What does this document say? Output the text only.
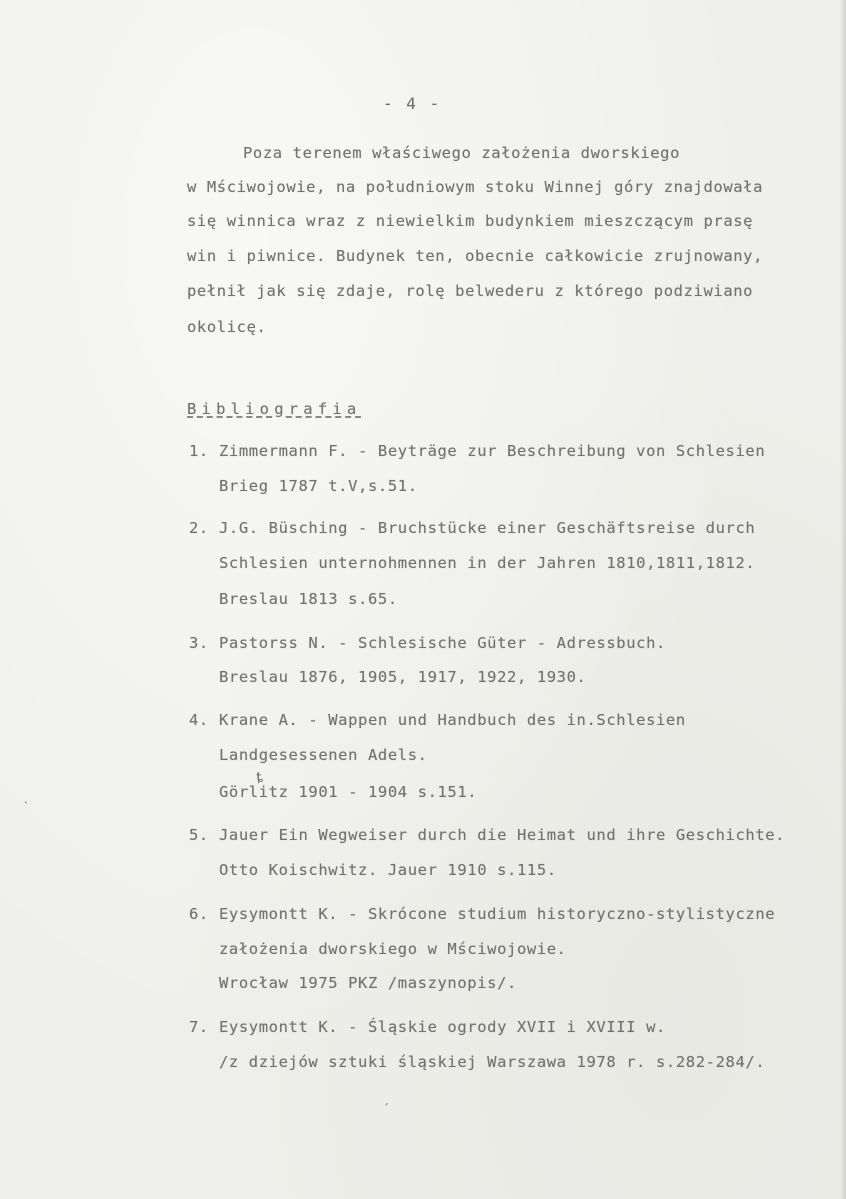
- 4 -
Poza terenem właściwego założenia dworskiego
w Mściwojowie, na południowym stoku Winnej góry znajdowała
się winnica wraz z niewielkim budynkiem mieszczącym prasę
win i piwnice. Budynek ten, obecnie całkowicie zrujnowany,
pełnił jak się zdaje, rolę belwederu z którego podziwiano
okolicę.
Bibliografia
1. Zimmermann F. - Beyträge zur Beschreibung von Schlesien
Brieg 1787 t.V,s.51.
2. J.G. Büsching - Bruchstücke einer Geschäftsreise durch
Schlesien unternohmennen in der Jahren 1810,1811,1812.
Breslau 1813 s.65.
3. Pastorss N. - Schlesische Güter - Adressbuch.
Breslau 1876, 1905, 1917, 1922, 1930.
4. Krane A. - Wappen und Handbuch des in.Schlesien
Landgesessenen Adels.
Görlitz 1901 - 1904 s.151.
ȶ
5. Jauer Ein Wegweiser durch die Heimat und ihre Geschichte.
Otto Koischwitz. Jauer 1910 s.115.
6. Eysymontt K. - Skrócone studium historyczno-stylistyczne
założenia dworskiego w Mściwojowie.
Wrocław 1975 PKZ /maszynopis/.
7. Eysymontt K. - Śląskie ogrody XVII i XVIII w.
/z dziejów sztuki śląskiej Warszawa 1978 r. s.282-284/.
ˊ
ˏ
